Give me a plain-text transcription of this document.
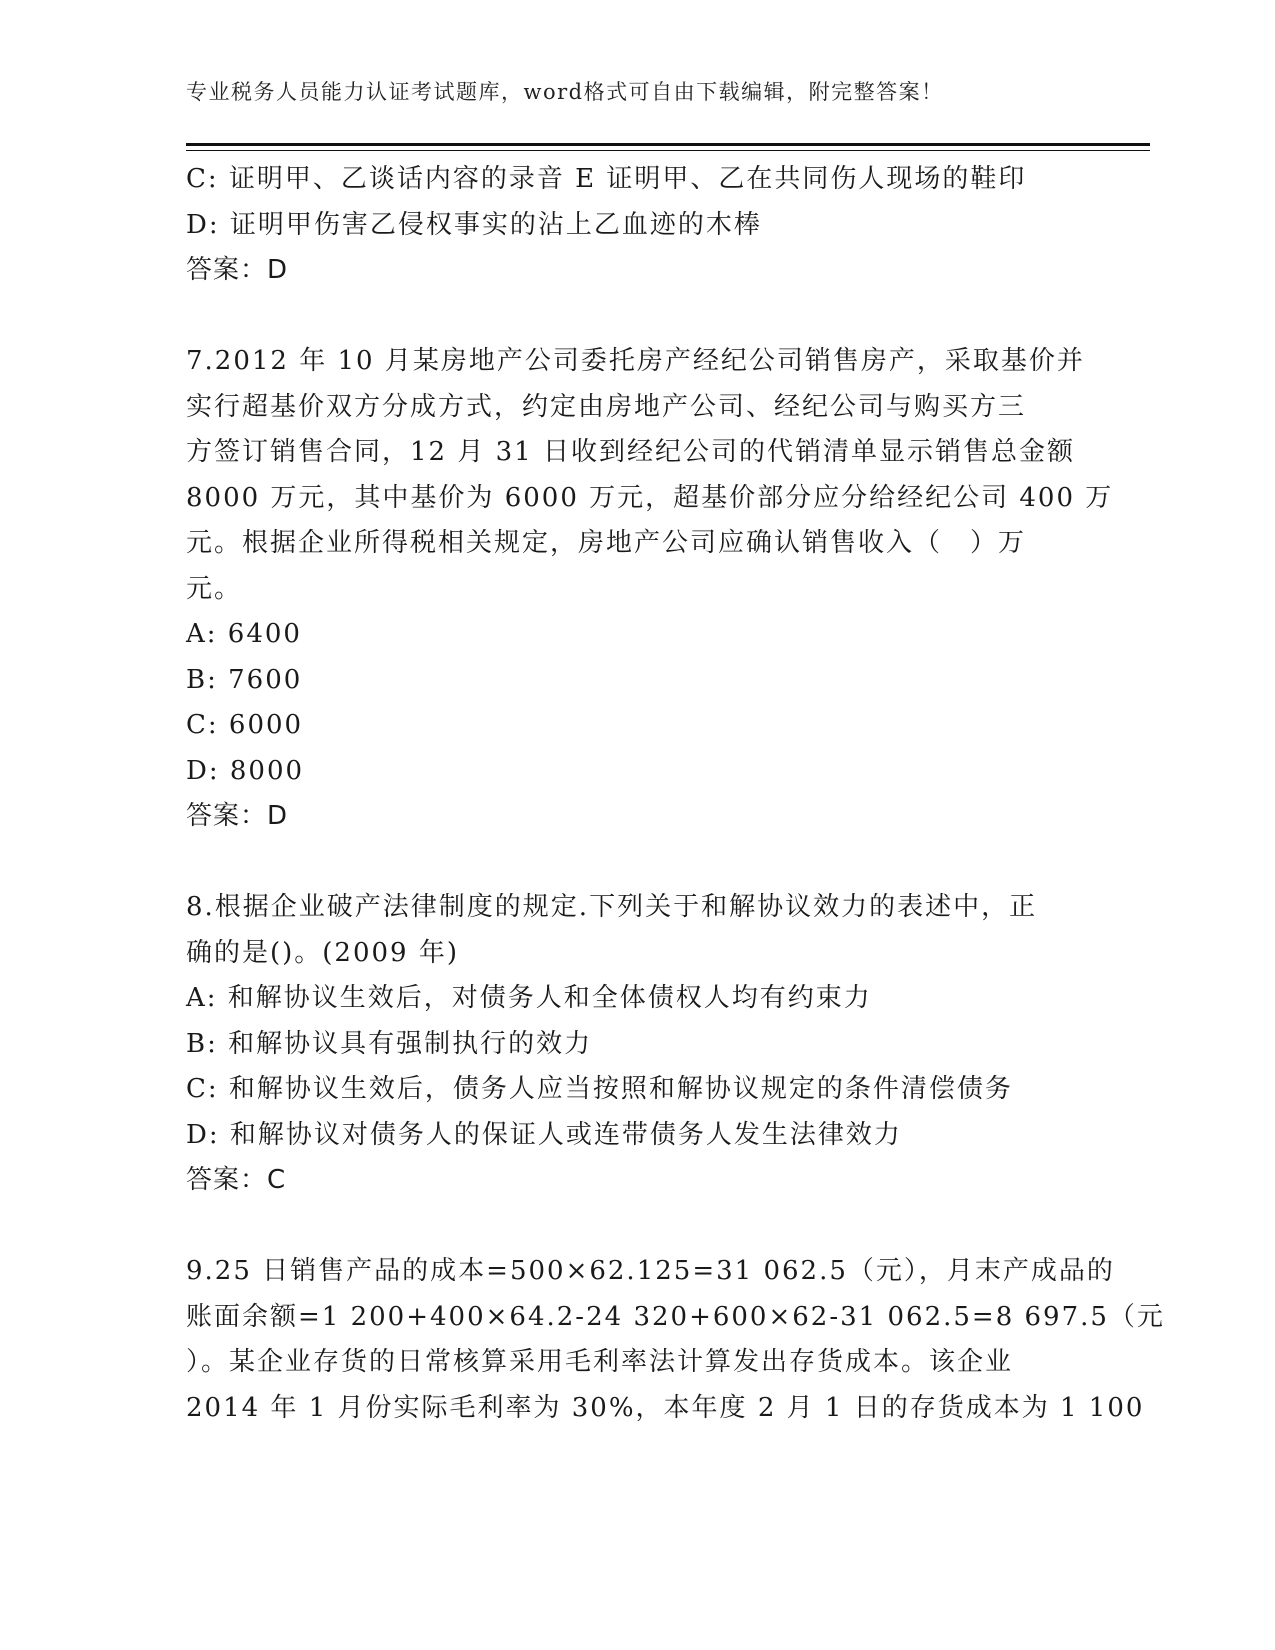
专业税务人员能力认证考试题库，word格式可自由下载编辑，附完整答案！
C: 证明甲、乙谈话内容的录音 E 证明甲、乙在共同伤人现场的鞋印
D: 证明甲伤害乙侵权事实的沾上乙血迹的木棒
答案：D
7.2012 年 10 月某房地产公司委托房产经纪公司销售房产，采取基价并
实行超基价双方分成方式，约定由房地产公司、经纪公司与购买方三
方签订销售合同，12 月 31 日收到经纪公司的代销清单显示销售总金额
8000 万元，其中基价为 6000 万元，超基价部分应分给经纪公司 400 万
元。根据企业所得税相关规定，房地产公司应确认销售收入（　）万
元。
A: 6400
B: 7600
C: 6000
D: 8000
答案：D
8.根据企业破产法律制度的规定.下列关于和解协议效力的表述中，正
确的是()。(2009 年)
A: 和解协议生效后，对债务人和全体债权人均有约束力
B: 和解协议具有强制执行的效力
C: 和解协议生效后，债务人应当按照和解协议规定的条件清偿债务
D: 和解协议对债务人的保证人或连带债务人发生法律效力
答案：C
9.25 日销售产品的成本=500×62.125=31 062.5（元），月末产成品的
账面余额=1 200+400×64.2-24 320+600×62-31 062.5=8 697.5（元
）。某企业存货的日常核算采用毛利率法计算发出存货成本。该企业
2014 年 1 月份实际毛利率为 30%，本年度 2 月 1 日的存货成本为 1 100
